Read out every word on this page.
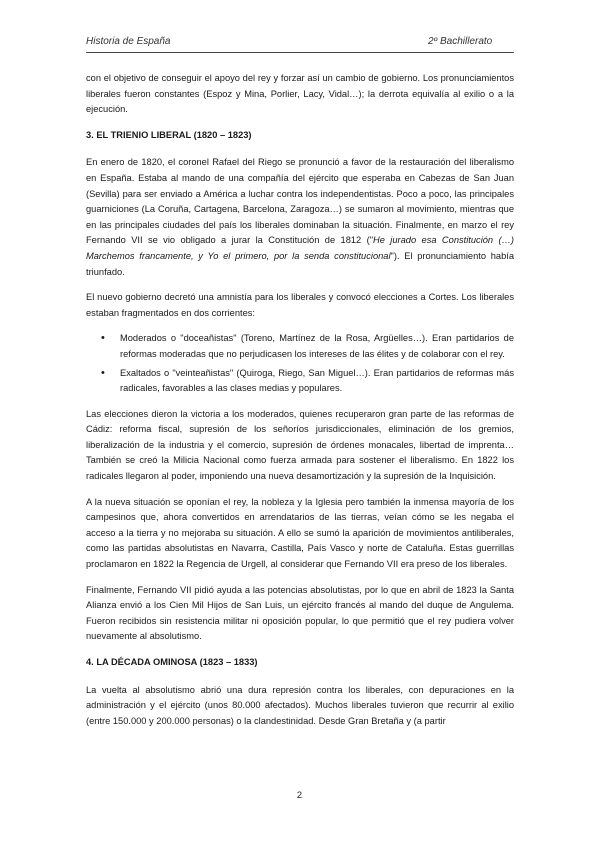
Historia de España	2º Bachillerato

con el objetivo de conseguir el apoyo del rey y forzar así un cambio de gobierno. Los pronunciamientos liberales fueron constantes (Espoz y Mina, Porlier, Lacy, Vidal…); la derrota equivalía al exilio o a la ejecución.

3. EL TRIENIO LIBERAL (1820 – 1823)

En enero de 1820, el coronel Rafael del Riego se pronunció a favor de la restauración del liberalismo en España. Estaba al mando de una compañía del ejército que esperaba en Cabezas de San Juan (Sevilla) para ser enviado a América a luchar contra los independentistas. Poco a poco, las principales guarniciones (La Coruña, Cartagena, Barcelona, Zaragoza…) se sumaron al movimiento, mientras que en las principales ciudades del país los liberales dominaban la situación. Finalmente, en marzo el rey Fernando VII se vio obligado a jurar la Constitución de 1812 ("He jurado esa Constitución (…) Marchemos francamente, y Yo el primero, por la senda constitucional"). El pronunciamiento había triunfado.

El nuevo gobierno decretó una amnistía para los liberales y convocó elecciones a Cortes. Los liberales estaban fragmentados en dos corrientes:

• Moderados o "doceañistas" (Toreno, Martínez de la Rosa, Argüelles…). Eran partidarios de reformas moderadas que no perjudicasen los intereses de las élites y de colaborar con el rey.
• Exaltados o "veinteañistas" (Quiroga, Riego, San Miguel…). Eran partidarios de reformas más radicales, favorables a las clases medias y populares.

Las elecciones dieron la victoria a los moderados, quienes recuperaron gran parte de las reformas de Cádiz: reforma fiscal, supresión de los señoríos jurisdiccionales, eliminación de los gremios, liberalización de la industria y el comercio, supresión de órdenes monacales, libertad de imprenta… También se creó la Milicia Nacional como fuerza armada para sostener el liberalismo. En 1822 los radicales llegaron al poder, imponiendo una nueva desamortización y la supresión de la Inquisición.

A la nueva situación se oponían el rey, la nobleza y la Iglesia pero también la inmensa mayoría de los campesinos que, ahora convertidos en arrendatarios de las tierras, veían cómo se les negaba el acceso a la tierra y no mejoraba su situación. A ello se sumó la aparición de movimientos antiliberales, como las partidas absolutistas en Navarra, Castilla, País Vasco y norte de Cataluña. Estas guerrillas proclamaron en 1822 la Regencia de Urgell, al considerar que Fernando VII era preso de los liberales.

Finalmente, Fernando VII pidió ayuda a las potencias absolutistas, por lo que en abril de 1823 la Santa Alianza envió a los Cien Mil Hijos de San Luis, un ejército francés al mando del duque de Angulema. Fueron recibidos sin resistencia militar ni oposición popular, lo que permitió que el rey pudiera volver nuevamente al absolutismo.

4. LA DÉCADA OMINOSA (1823 – 1833)

La vuelta al absolutismo abrió una dura represión contra los liberales, con depuraciones en la administración y el ejército (unos 80.000 afectados). Muchos liberales tuvieron que recurrir al exilio (entre 150.000 y 200.000 personas) o la clandestinidad. Desde Gran Bretaña y (a partir

2
